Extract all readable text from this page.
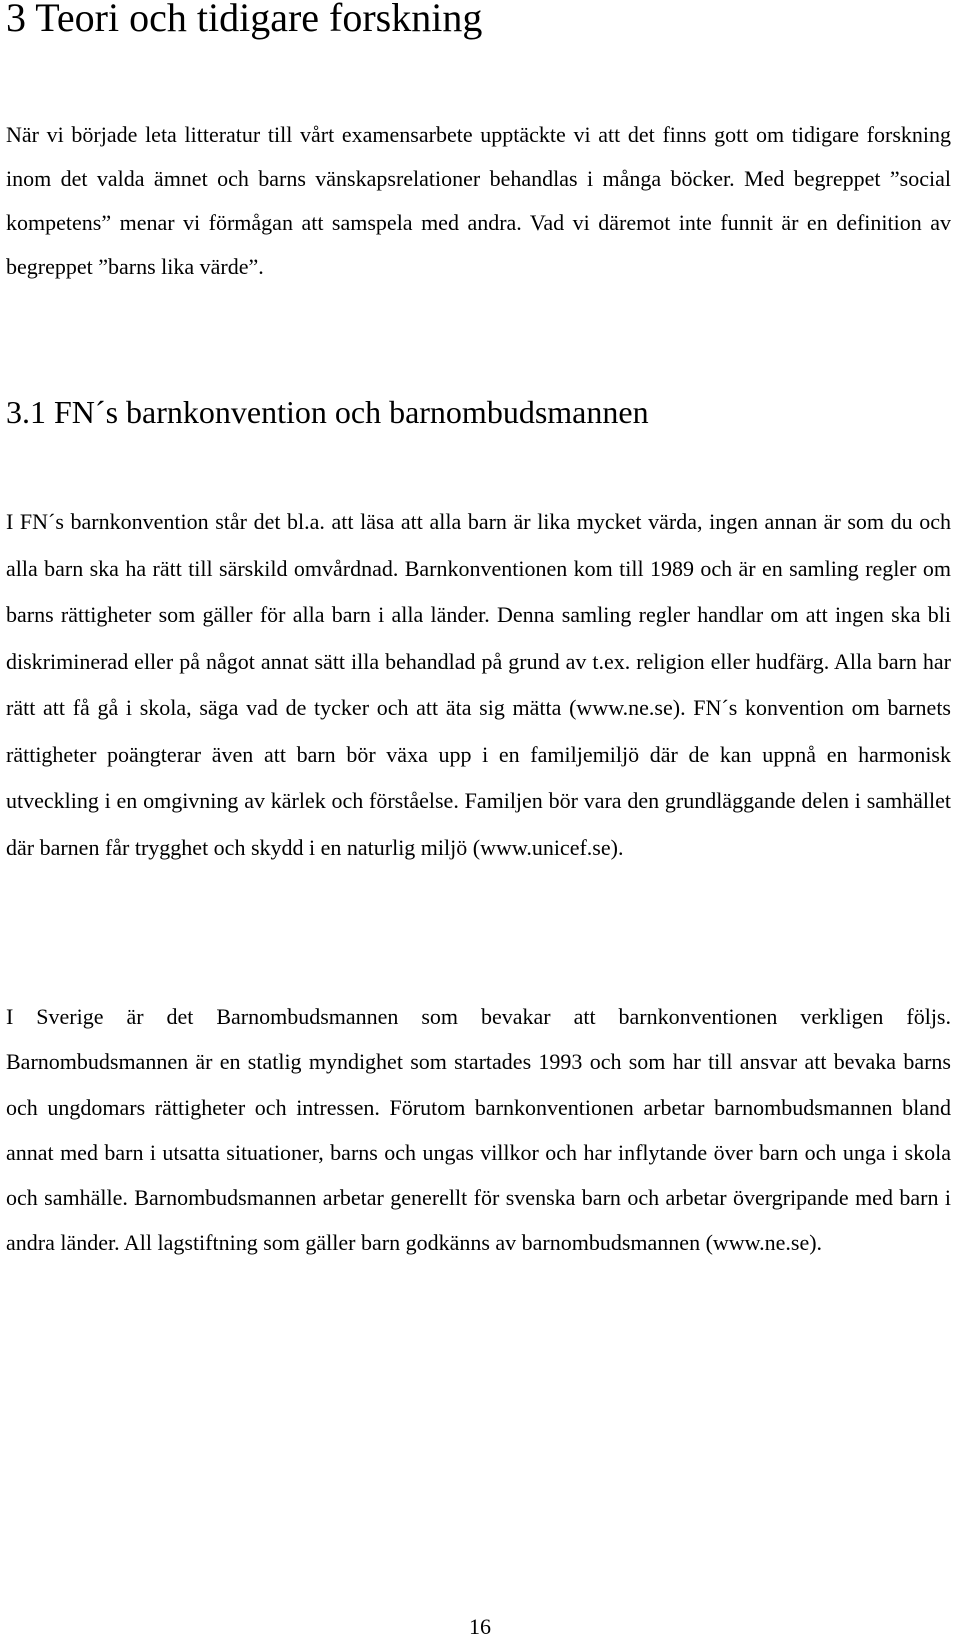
3 Teori och tidigare forskning

När vi började leta litteratur till vårt examensarbete upptäckte vi att det finns gott om tidigare forskning inom det valda ämnet och barns vänskapsrelationer behandlas i många böcker. Med begreppet ”social kompetens” menar vi förmågan att samspela med andra. Vad vi däremot inte funnit är en definition av begreppet ”barns lika värde”.

3.1 FN´s barnkonvention och barnombudsmannen

I FN´s barnkonvention står det bl.a. att läsa att alla barn är lika mycket värda, ingen annan är som du och alla barn ska ha rätt till särskild omvårdnad. Barnkonventionen kom till 1989 och är en samling regler om barns rättigheter som gäller för alla barn i alla länder. Denna samling regler handlar om att ingen ska bli diskriminerad eller på något annat sätt illa behandlad på grund av t.ex. religion eller hudfärg. Alla barn har rätt att få gå i skola, säga vad de tycker och att äta sig mätta (www.ne.se). FN´s konvention om barnets rättigheter poängterar även att barn bör växa upp i en familjemiljö där de kan uppnå en harmonisk utveckling i en omgivning av kärlek och förståelse. Familjen bör vara den grundläggande delen i samhället där barnen får trygghet och skydd i en naturlig miljö (www.unicef.se).

I Sverige är det Barnombudsmannen som bevakar att barnkonventionen verkligen följs. Barnombudsmannen är en statlig myndighet som startades 1993 och som har till ansvar att bevaka barns och ungdomars rättigheter och intressen. Förutom barnkonventionen arbetar barnombudsmannen bland annat med barn i utsatta situationer, barns och ungas villkor och har inflytande över barn och unga i skola och samhälle. Barnombudsmannen arbetar generellt för svenska barn och arbetar övergripande med barn i andra länder. All lagstiftning som gäller barn godkänns av barnombudsmannen (www.ne.se).

16
